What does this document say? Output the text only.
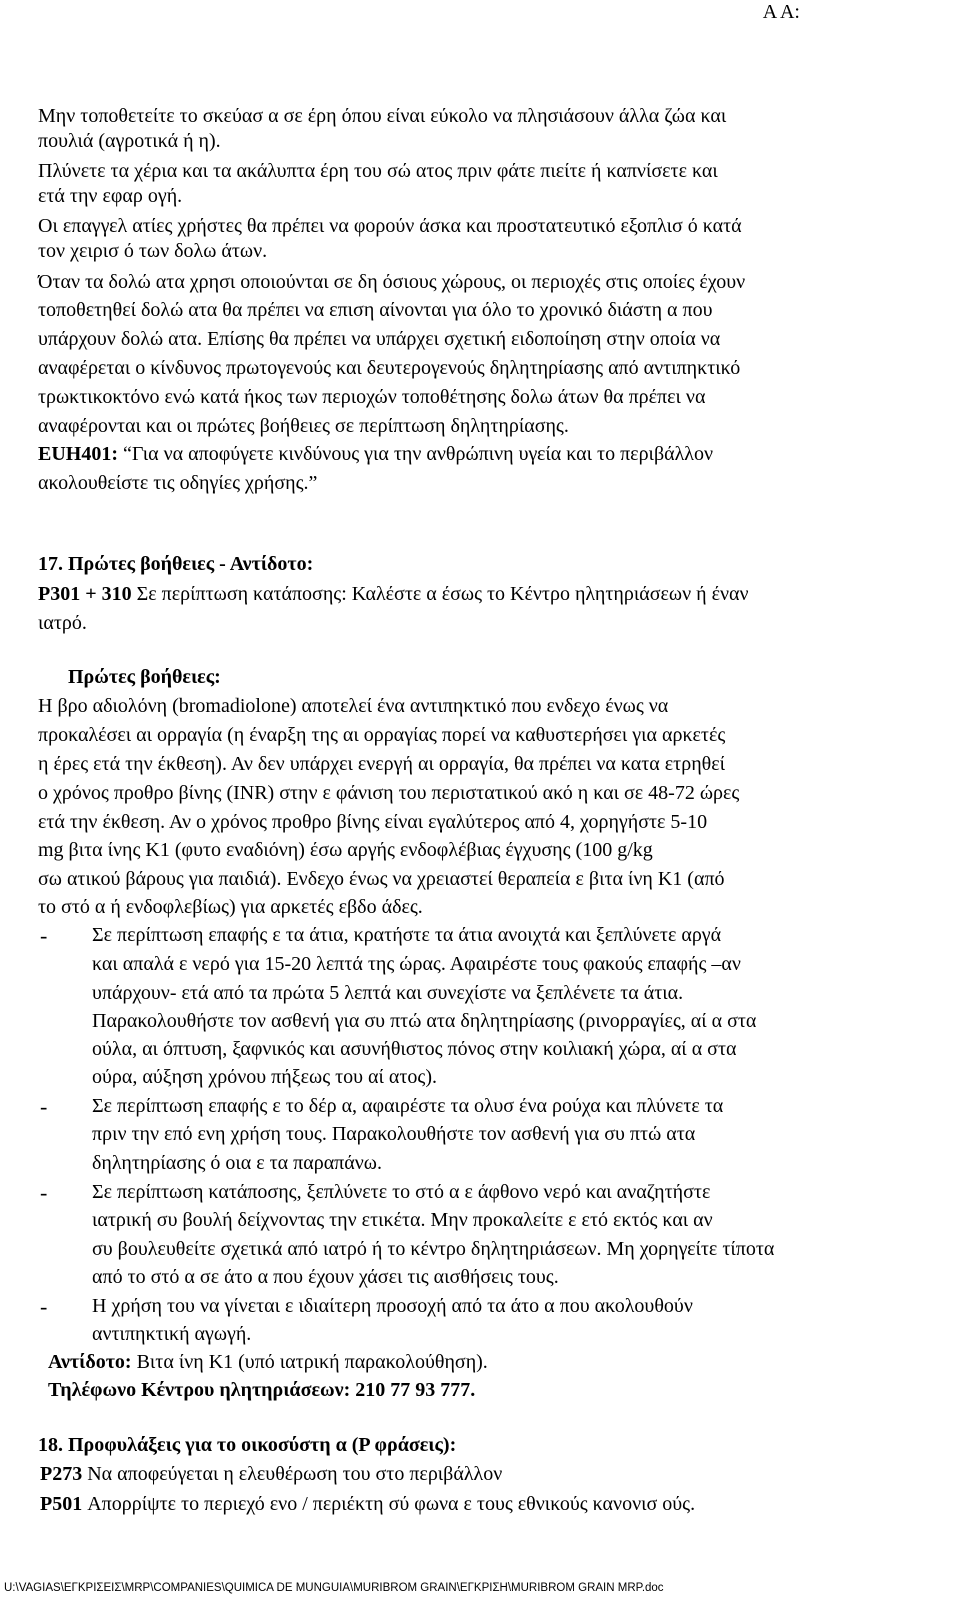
Α Α:
Μην τοποθετείτε το σκεύασ α σε έρη όπου είναι εύκολο να πλησιάσουν άλλα ζώα και
πουλιά (αγροτικά ή η).
Πλύνετε τα χέρια και τα ακάλυπτα έρη του σώ ατος πριν φάτε πιείτε ή καπνίσετε και
ετά την εφαρ ογή.
Οι επαγγελ ατίες χρήστες θα πρέπει να φορούν άσκα και προστατευτικό εξοπλισ ό κατά
τον χειρισ ό των δολω άτων.
Όταν τα δολώ ατα χρησι οποιούνται σε δη όσιους χώρους, οι περιοχές στις οποίες έχουν
τοποθετηθεί δολώ ατα θα πρέπει να επιση αίνονται για όλο το χρονικό διάστη α που
υπάρχουν δολώ ατα. Επίσης θα πρέπει να υπάρχει σχετική ειδοποίηση στην οποία να
αναφέρεται ο κίνδυνος πρωτογενούς και δευτερογενούς δηλητηρίασης από αντιπηκτικό
τρωκτικοκτόνο ενώ κατά ήκος των περιοχών τοποθέτησης δολω άτων θα πρέπει να
αναφέρονται και οι πρώτες βοήθειες σε περίπτωση δηλητηρίασης.
EUH401: “Για να αποφύγετε κινδύνους για την ανθρώπινη υγεία και το περιβάλλον
ακολουθείστε τις οδηγίες χρήσης.”
17. Πρώτες βοήθειες - Αντίδοτο:
P301 + 310 Σε περίπτωση κατάποσης: Καλέστε α έσως το Κέντρο ηλητηριάσεων ή έναν
ιατρό.
Πρώτες βοήθειες:
Η βρο αδιολόνη (bromadiolone) αποτελεί ένα αντιπηκτικό που ενδεχο ένως να
προκαλέσει αι ορραγία (η έναρξη της αι ορραγίας πορεί να καθυστερήσει για αρκετές
η έρες ετά την έκθεση). Αν δεν υπάρχει ενεργή αι ορραγία, θα πρέπει να κατα ετρηθεί
ο χρόνος προθρο βίνης (INR) στην ε φάνιση του περιστατικού ακό η και σε 48-72 ώρες
ετά την έκθεση. Αν ο χρόνος προθρο βίνης είναι εγαλύτερος από 4, χορηγήστε 5-10
mg βιτα ίνης Κ1 (φυτο εναδιόνη) έσω αργής ενδοφλέβιας έγχυσης (100 g/kg
σω ατικού βάρους για παιδιά). Ενδεχο ένως να χρειαστεί θεραπεία ε βιτα ίνη Κ1 (από
το στό α ή ενδοφλεβίως) για αρκετές εβδο άδες.
- Σε περίπτωση επαφής ε τα άτια, κρατήστε τα άτια ανοιχτά και ξεπλύνετε αργά
και απαλά ε νερό για 15-20 λεπτά της ώρας. Αφαιρέστε τους φακούς επαφής –αν
υπάρχουν- ετά από τα πρώτα 5 λεπτά και συνεχίστε να ξεπλένετε τα άτια.
Παρακολουθήστε τον ασθενή για συ πτώ ατα δηλητηρίασης (ρινορραγίες, αί α στα
ούλα, αι όπτυση, ξαφνικός και ασυνήθιστος πόνος στην κοιλιακή χώρα, αί α στα
ούρα, αύξηση χρόνου πήξεως του αί ατος).
- Σε περίπτωση επαφής ε το δέρ α, αφαιρέστε τα ολυσ ένα ρούχα και πλύνετε τα
πριν την επό ενη χρήση τους. Παρακολουθήστε τον ασθενή για συ πτώ ατα
δηλητηρίασης ό οια ε τα παραπάνω.
- Σε περίπτωση κατάποσης, ξεπλύνετε το στό α ε άφθονο νερό και αναζητήστε
ιατρική συ βουλή δείχνοντας την ετικέτα. Μην προκαλείτε ε ετό εκτός και αν
συ βουλευθείτε σχετικά από ιατρό ή το κέντρο δηλητηριάσεων. Μη χορηγείτε τίποτα
από το στό α σε άτο α που έχουν χάσει τις αισθήσεις τους.
- Η χρήση του να γίνεται ε ιδιαίτερη προσοχή από τα άτο α που ακολουθούν
αντιπηκτική αγωγή.
Αντίδοτο: Βιτα ίνη Κ1 (υπό ιατρική παρακολούθηση).
Τηλέφωνο Κέντρου ηλητηριάσεων: 210 77 93 777.
18. Προφυλάξεις για το οικοσύστη α (P φράσεις):
P273 Να αποφεύγεται η ελευθέρωση του στο περιβάλλον
P501 Απορρίψτε το περιεχό ενο / περιέκτη σύ φωνα ε τους εθνικούς κανονισ ούς.
U:\VAGIAS\ΕΓΚΡΙΣΕΙΣ\MRP\COMPANIES\QUIMICA DE MUNGUIA\MURIBROM GRAIN\ΕΓΚΡΙΣΗ\MURIBROM GRAIN MRP.doc
